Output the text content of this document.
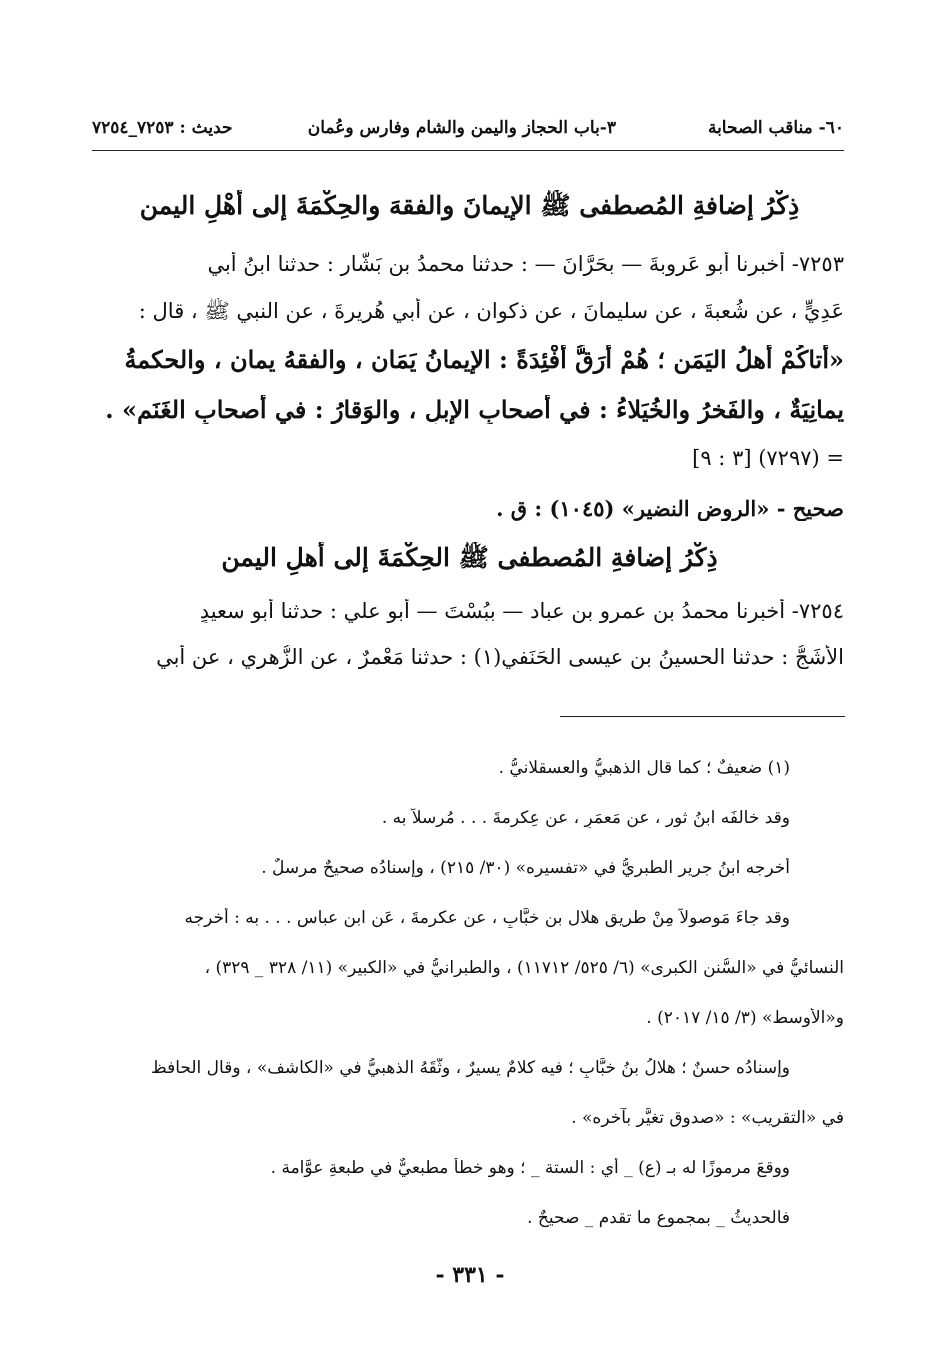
٦٠- مناقب الصحابة
٣-باب الحجاز واليمن والشام وفارس وعُمان
حديث : ٧٢٥٣_٧٢٥٤
ذِكْرُ إضافةِ المُصطفى ﷺ الإيمانَ والفقهَ والحِكْمَةَ إلى أهْلِ اليمن
٧٢٥٣- أخبرنا أبو عَروبةَ — بحَرَّانَ — : حدثنا محمدُ بن بَشَّار : حدثنا ابنُ أبي
عَدِيٍّ ، عن شُعبةَ ، عن سليمانَ ، عن ذكوان ، عن أبي هُريرةَ ، عن النبي ﷺ ، قال :
«أتاكُمْ أهلُ اليَمَنِ ؛ هُمْ أَرَقُّ أَفْئِدَةً : الإيمانُ يَمَان ، والفقهُ يمان ، والحكمةُ
يمانِيَةٌ ، والفَخرُ والخُيَلاءُ : في أصحابِ الإبلِ ، والوَقارُ : في أصحابِ الغَنَمِ» .
= (٧٢٩٧) [٣ : ٩]
صحيح - «الروض النضير» (١٠٤٥) : ق .
ذِكْرُ إضافةِ المُصطفى ﷺ الحِكْمَةَ إلى أهلِ اليمن
٧٢٥٤- أخبرنا محمدُ بن عمرو بن عباد — ببُسْتَ — أبو علي : حدثنا أبو سعيدٍ
الأَشَجُّ : حدثنا الحسينُ بن عيسى الحَنَفي(١) : حدثنا مَعْمرٌ ، عن الزُّهري ، عن أبي
(١) ضعيفٌ ؛ كما قال الذهبيُّ والعسقلانيُّ .
وقد خالفَه ابنُ ثور ، عن مَعمَرٍ ، عن عِكرمةَ . . . مُرسلاً به .
أخرجه ابنُ جرير الطبريُّ في «تفسيره» (٣٠/ ٢١٥) ، وإسنادُه صحيحٌ مرسلٌ .
وقد جاءَ مَوصولاً مِنْ طريق هلال بن خبَّابٍ ، عن عكرمةَ ، عَن ابن عباس . . . به : أخرجه
النسائيُّ في «السُّنن الكبرى» (٦/ ٥٢٥/ ١١٧١٢) ، والطبرانيُّ في «الكبير» (١١/ ٣٢٨ _ ٣٢٩) ،
و«الأوسط» (٣/ ١٥/ ٢٠١٧) .
وإسنادُه حسنٌ ؛ هلالُ بنُ خبَّابٍ ؛ فيه كلامٌ يسيرٌ ، وثَّقَهُ الذهبيُّ في «الكاشف» ، وقال الحافظ
في «التقريب» : «صدوق تغيَّر بآخره» .
ووقعَ مرموزًا له بـ (ع) _ أي : الستة _ ؛ وهو خطأ مطبعيٌّ في طبعةِ عوَّامة .
فالحديثُ _ بمجموعِ ما تقدم _ صحيحٌ .
- ٣٣١ -
